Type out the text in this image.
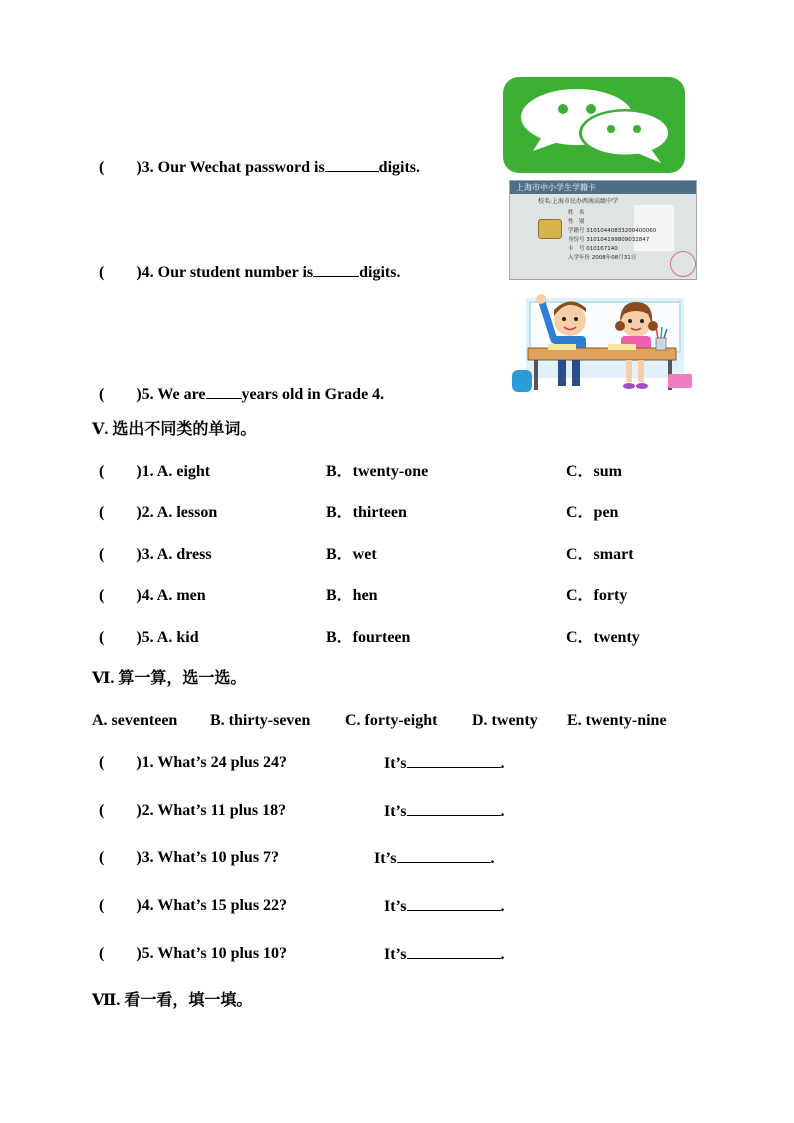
(　　)3. Our Wechat password is	digits.
(　　)4. Our student number is	digits.
(　　)5. We are years old in Grade 4.
上海市中小学生学籍卡
校名:上海市民办西南高级中学
姓　名
性　别
学籍号 31010440833200400060
身份号 310104199809032847
卡　号 010167140
入学年份 2008年08月31日
Ⅴ. 选出不同类的单词。
(　　)1. A. eight	B．twenty-one	C．sum
(　　)2. A. lesson	B．thirteen	C．pen
(　　)3. A. dress	B．wet	C．smart
(　　)4. A. men	B．hen	C．forty
(　　)5. A. kid	B．fourteen	C．twenty
Ⅵ. 算一算，选一选。
A. seventeen B. thirty-seven C. forty-eight D. twenty E. twenty-nine
(　　)1. What’s 24 plus 24?	It’s	.
(　　)2. What’s 11 plus 18?	It’s	.
(　　)3. What’s 10 plus 7?	It’s	.
(　　)4. What’s 15 plus 22?	It’s	.
(　　)5. What’s 10 plus 10?	It’s	.
Ⅶ. 看一看，填一填。
